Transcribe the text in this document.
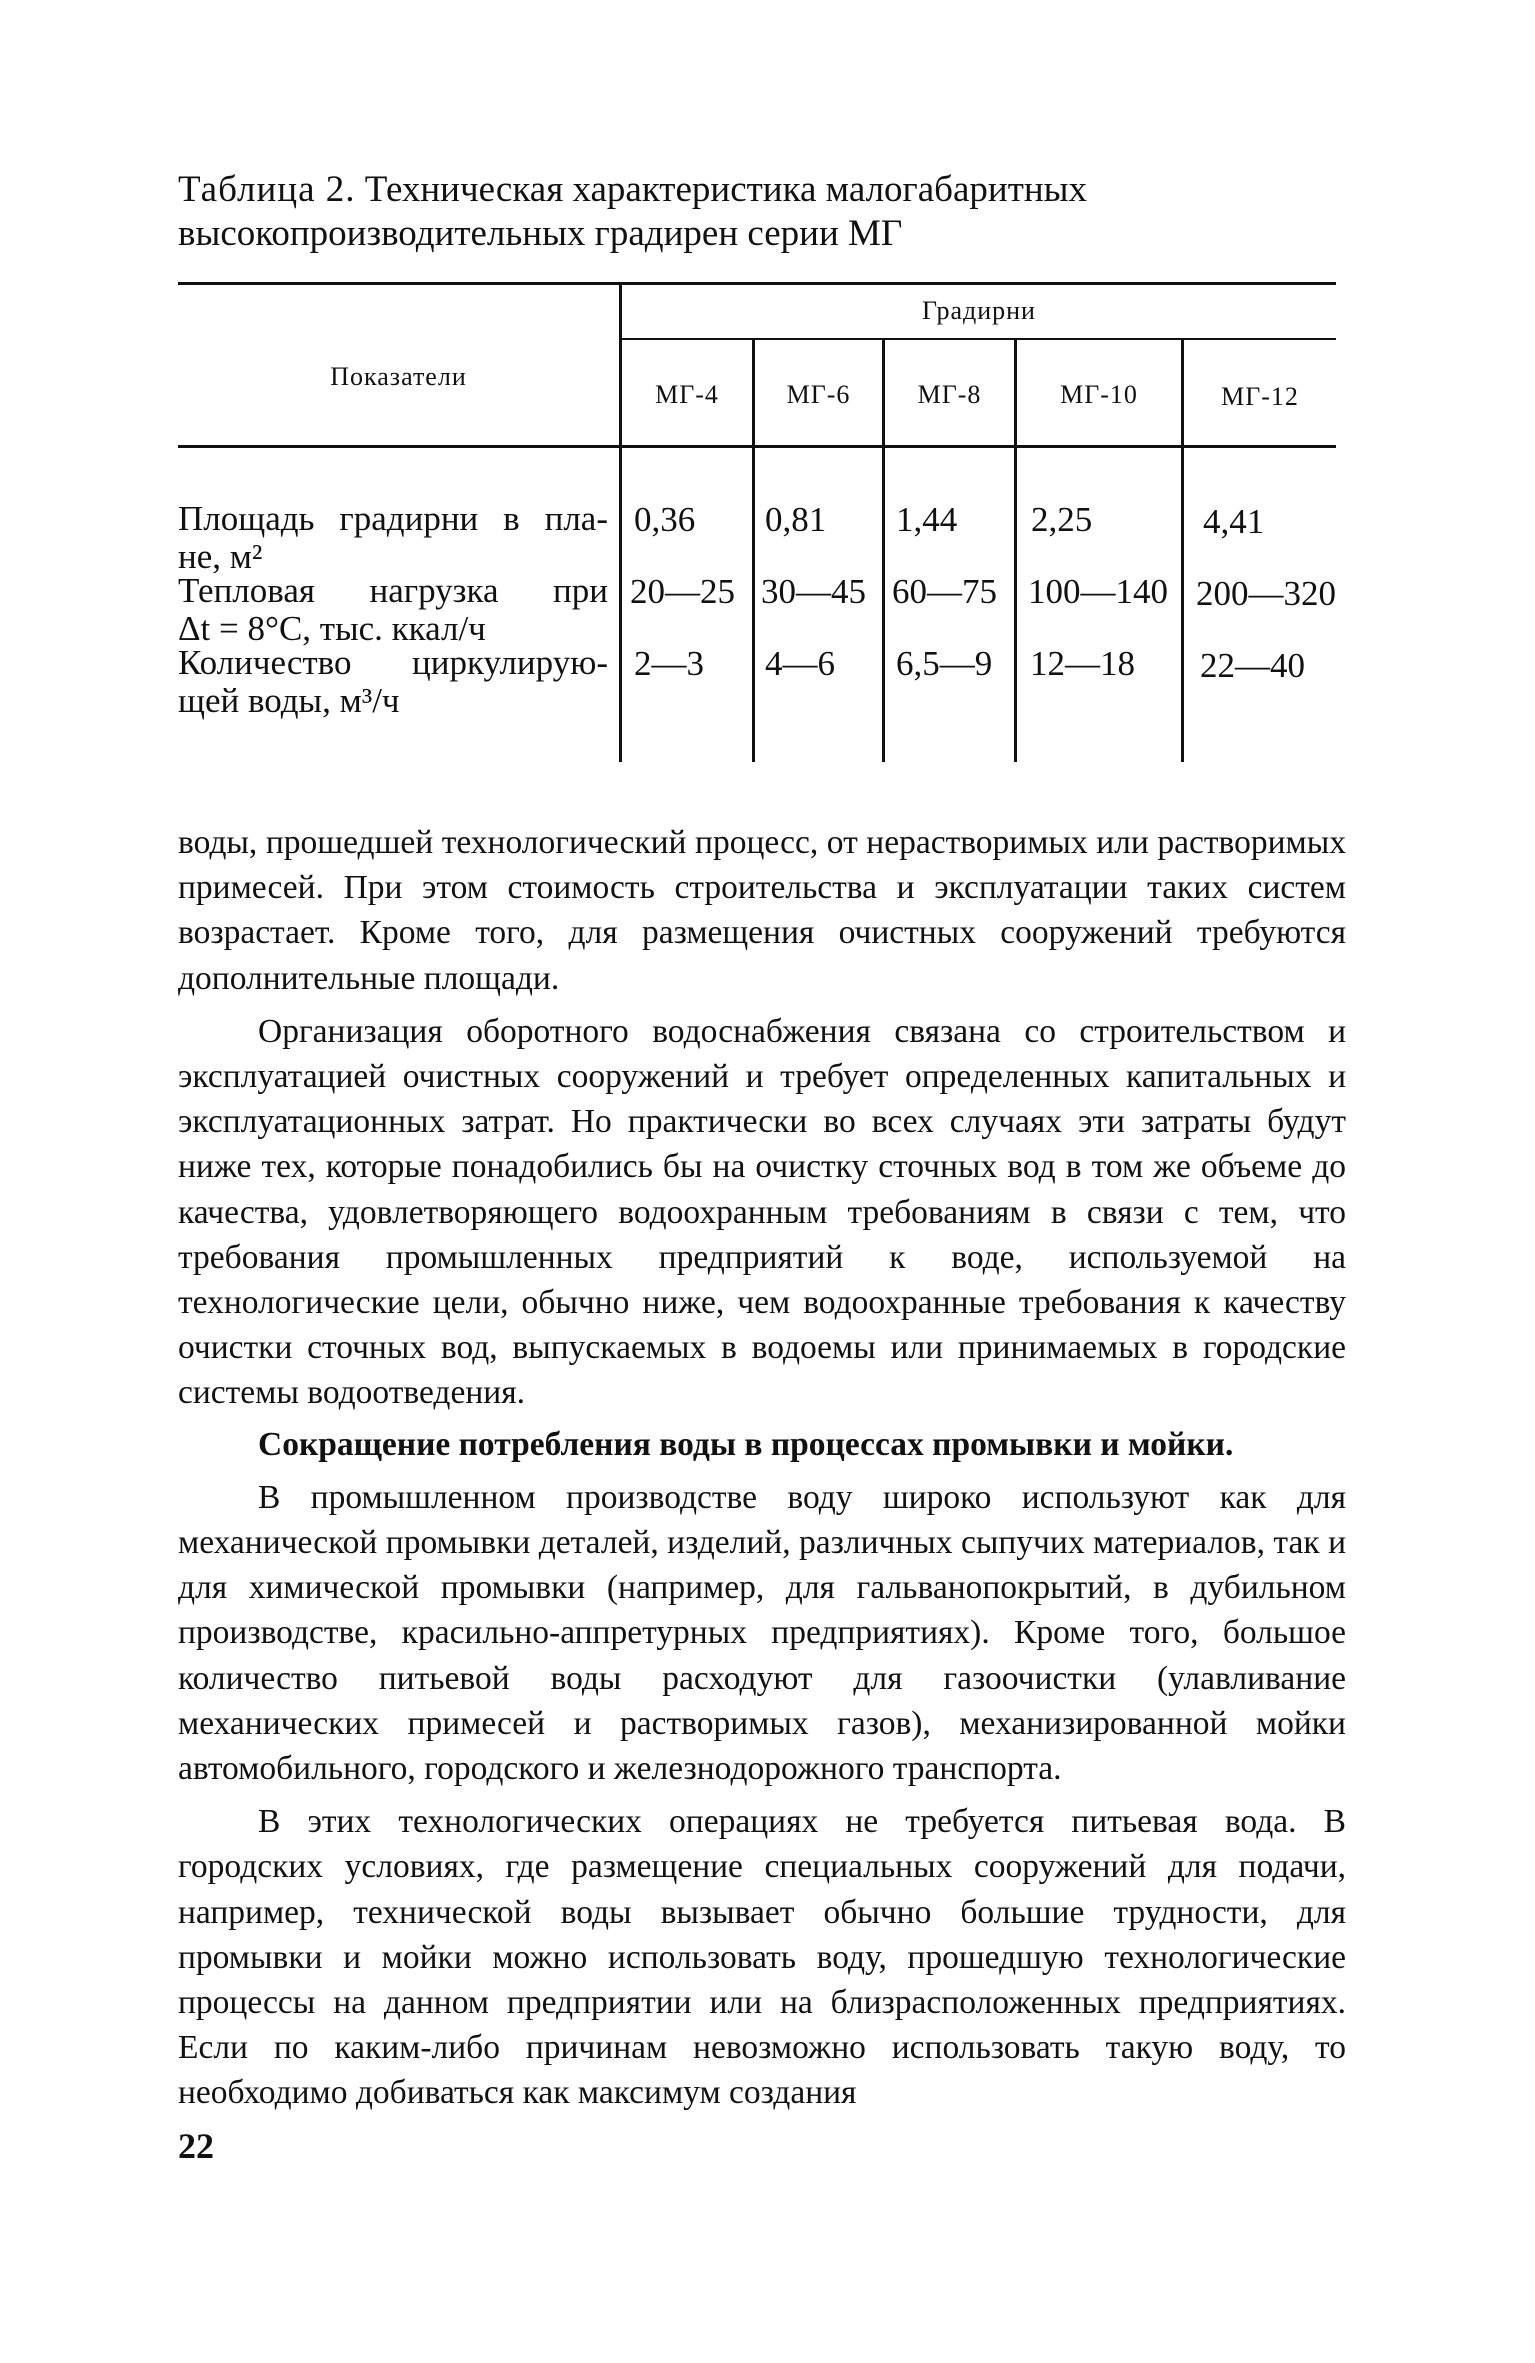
Таблица 2. Техническая характеристика малогабаритных
высокопроизводительных градирен серии МГ
Показатели
Градирни
МГ-4	МГ-6	МГ-8	МГ-10	МГ-12
Площадь градирни в пла-
не, м²
0,36 0,81 1,44 2,25	4,41
Тепловая нагрузка при
Δt = 8°C, тыс. ккал/ч
20—25 30—45 60—75 100—140 200—320
Количество циркулирую-
щей воды, м³/ч
2—3 4—6 6,5—9 12—18 22—40

воды, прошедшей технологический процесс, от нерастворимых или растворимых примесей. При этом стоимость строительства и эксплуатации таких систем возрастает. Кроме того, для размещения очистных сооружений требуются дополнительные площади.

Организация оборотного водоснабжения связана со строительством и эксплуатацией очистных сооружений и требует определенных капитальных и эксплуатационных затрат. Но практически во всех случаях эти затраты будут ниже тех, которые понадобились бы на очистку сточных вод в том же объеме до качества, удовлетворяющего водоохранным требованиям в связи с тем, что требования промышленных предприятий к воде, используемой на технологические цели, обычно ниже, чем водоохранные требования к качеству очистки сточных вод, выпускаемых в водоемы или принимаемых в городские системы водоотведения.

Сокращение потребления воды в процессах промывки и мойки.

В промышленном производстве воду широко используют как для механической промывки деталей, изделий, различных сыпучих материалов, так и для химической промывки (например, для гальванопокрытий, в дубильном производстве, красильно-аппретурных предприятиях). Кроме того, большое количество питьевой воды расходуют для газоочистки (улавливание механических примесей и растворимых газов), механизированной мойки автомобильного, городского и железнодорожного транспорта.

В этих технологических операциях не требуется питьевая вода. В городских условиях, где размещение специальных сооружений для подачи, например, технической воды вызывает обычно большие трудности, для промывки и мойки можно использовать воду, прошедшую технологические процессы на данном предприятии или на близрасположенных предприятиях. Если по каким-либо причинам невозможно использовать такую воду, то необходимо добиваться как максимум создания

22
